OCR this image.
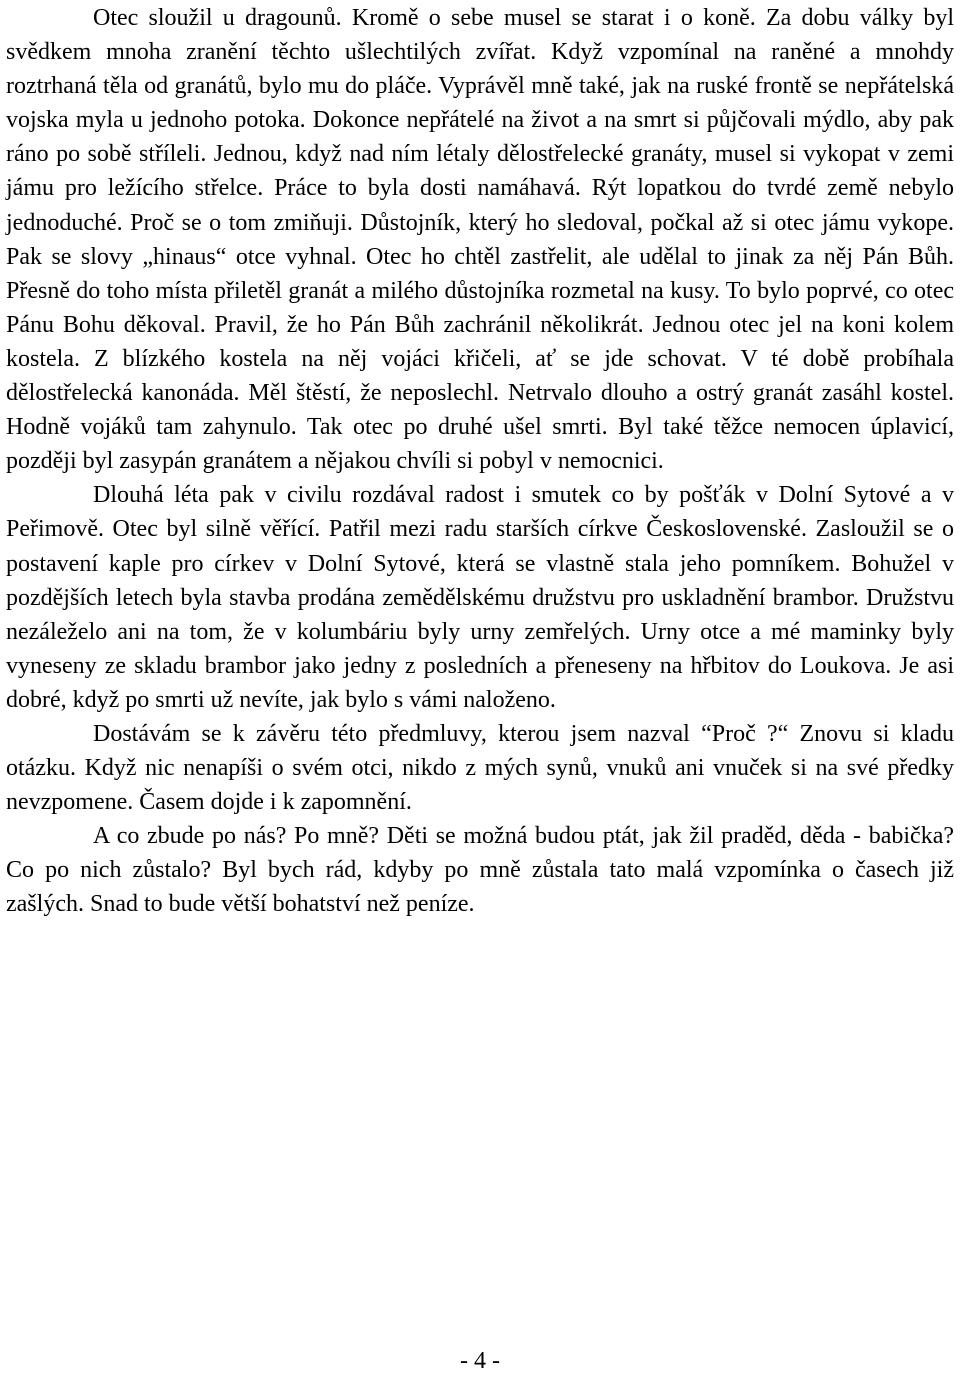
Otec sloužil u dragounů. Kromě o sebe musel se starat i o koně. Za dobu války byl svědkem mnoha zranění těchto ušlechtilých zvířat. Když vzpomínal na raněné a mnohdy roztrhaná těla od granátů, bylo mu do pláče. Vyprávěl mně také, jak na ruské frontě se nepřátelská vojska myla u jednoho potoka. Dokonce nepřátelé na život a na smrt si půjčovali mýdlo, aby pak ráno po sobě stříleli. Jednou, když nad ním létaly dělostřelecké granáty, musel si vykopat v zemi jámu pro ležícího střelce. Práce to byla dosti namáhavá. Rýt lopatkou do tvrdé země nebylo jednoduché. Proč se o tom zmiňuji. Důstojník, který ho sledoval, počkal až si otec jámu vykope. Pak se slovy „hinaus“ otce vyhnal. Otec ho chtěl zastřelit, ale udělal to jinak za něj Pán Bůh. Přesně do toho místa přiletěl granát a milého důstojníka rozmetal na kusy. To bylo poprvé, co otec Pánu Bohu děkoval. Pravil, že ho Pán Bůh zachránil několikrát. Jednou otec jel na koni kolem kostela. Z blízkého kostela na něj vojáci křičeli, ať se jde schovat. V té době probíhala dělostřelecká kanonáda. Měl štěstí, že neposlechl. Netrvalo dlouho a ostrý granát zasáhl kostel. Hodně vojáků tam zahynulo. Tak otec po druhé ušel smrti. Byl také těžce nemocen úplavicí, později byl zasypán granátem a nějakou chvíli si pobyl v nemocnici.

Dlouhá léta pak v civilu rozdával radost i smutek co by pošťák v Dolní Sytové a v Peřimově. Otec byl silně věřící. Patřil mezi radu starších církve Československé. Zasloužil se o postavení kaple pro církev v Dolní Sytové, která se vlastně stala jeho pomníkem. Bohužel v pozdějších letech byla stavba prodána zemědělskému družstvu pro uskladnění brambor. Družstvu nezáleželo ani na tom, že v kolumbáriu byly urny zemřelých. Urny otce a mé maminky byly vyneseny ze skladu brambor jako jedny z posledních a přeneseny na hřbitov do Loukova. Je asi dobré, když po smrti už nevíte, jak bylo s vámi naloženo.

Dostávám se k závěru této předmluvy, kterou jsem nazval “Proč ?“ Znovu si kladu otázku. Když nic nenapíši o svém otci, nikdo z mých synů, vnuků ani vnuček si na své předky nevzpomene. Časem dojde i k zapomnění.

A co zbude po nás? Po mně? Děti se možná budou ptát, jak žil praděd, děda - babička? Co po nich zůstalo? Byl bych rád, kdyby po mně zůstala tato malá vzpomínka o časech již zašlých. Snad to bude větší bohatství než peníze.

- 4 -
